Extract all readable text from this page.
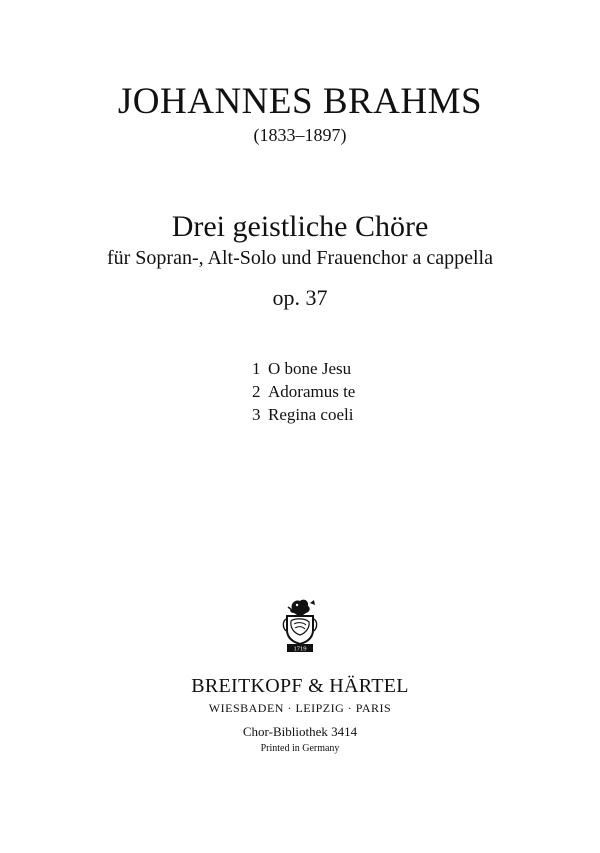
JOHANNES BRAHMS
(1833–1897)
Drei geistliche Chöre
für Sopran-, Alt-Solo und Frauenchor a cappella
op. 37
1 O bone Jesu
2 Adoramus te
3 Regina coeli
1719
BREITKOPF & HÄRTEL
WIESBADEN · LEIPZIG · PARIS
Chor-Bibliothek 3414
Printed in Germany
